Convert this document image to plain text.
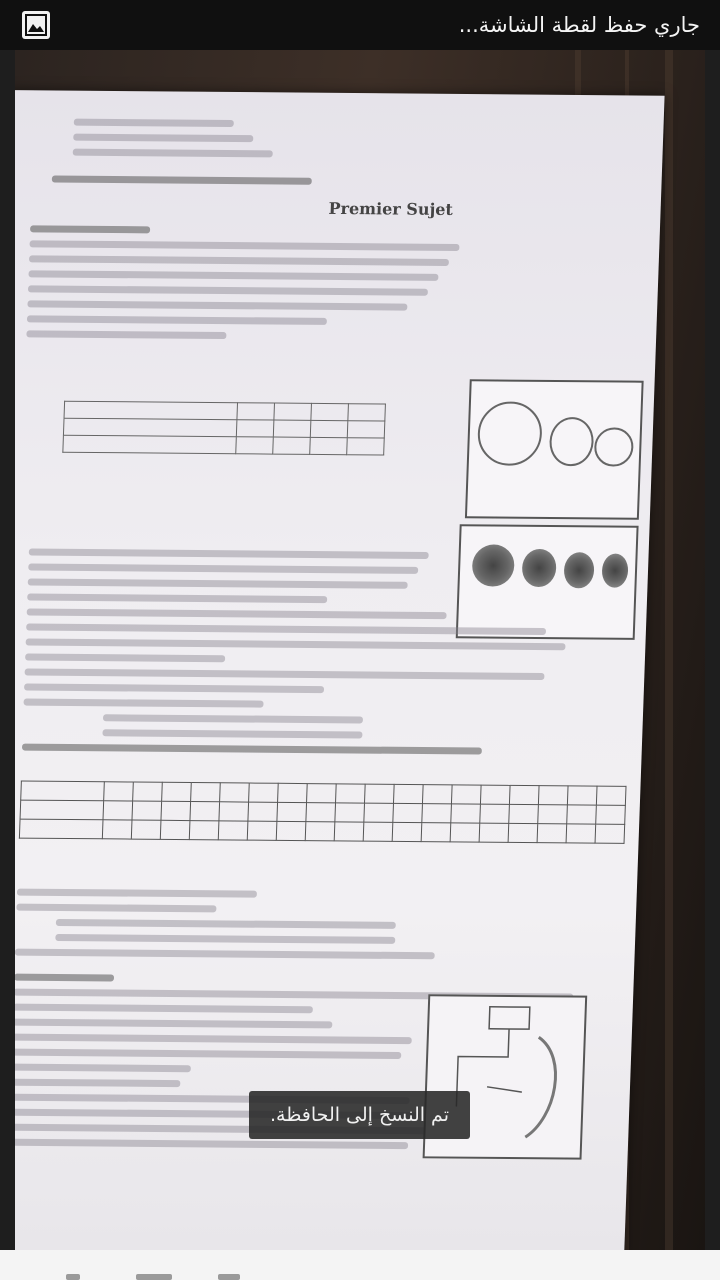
جاري حفظ لقطة الشاشة...
Premier Sujet

تم النسخ إلى الحافظة.
